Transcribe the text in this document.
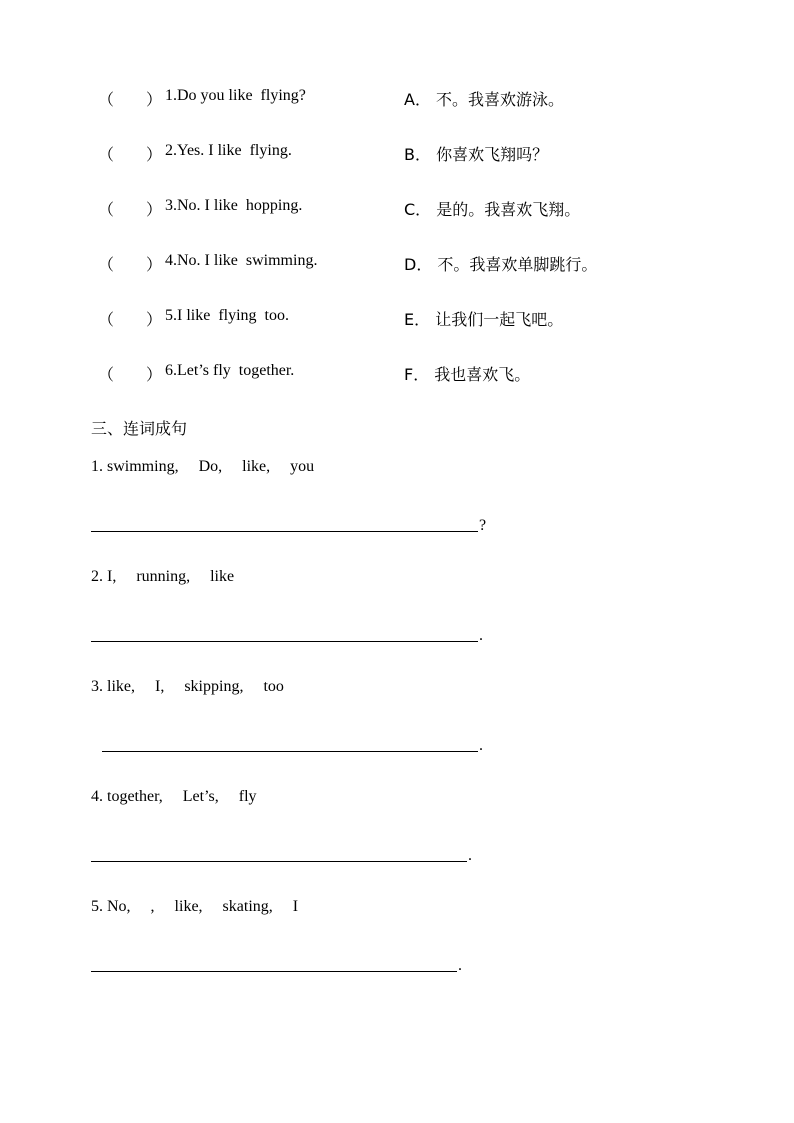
（　　） 1.Do you like  flying?	A． 不。我喜欢游泳。
（　　） 2.Yes. I like  flying.	B． 你喜欢飞翔吗？
（　　） 3.No. I like  hopping.	C． 是的。我喜欢飞翔。
（　　） 4.No. I like  swimming.	D． 不。我喜欢单脚跳行。
（　　） 5.I like  flying  too.	E． 让我们一起飞吧。
（　　） 6.Let’s fly  together.	F． 我也喜欢飞。
三、连词成句
1. swimming,     Do,     like,     you
?
2. I,     running,     like
.
3. like,     I,     skipping,     too
.
4. together,     Let’s,     fly
.
5. No,     ,     like,     skating,     I
.
